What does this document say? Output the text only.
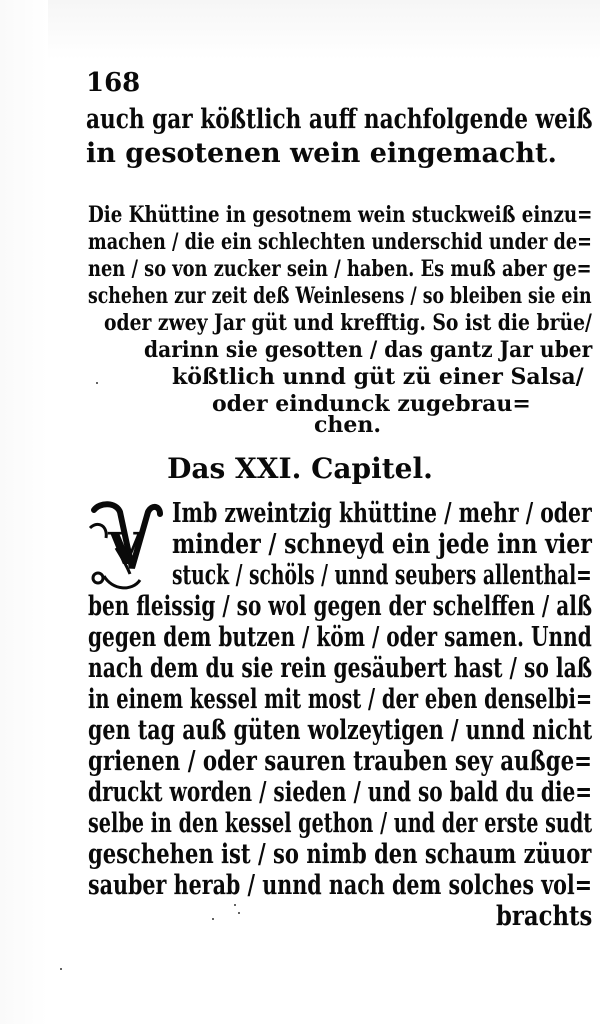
168
auch gar kößtlich auff nachfolgende weiß
in gesotenen wein eingemacht.
Die Khüttine in gesotnem wein stuckweiß einzu=
machen / die ein schlechten underschid under de=
nen / so von zucker sein / haben. Es muß aber ge=
schehen zur zeit deß Weinlesens / so bleiben sie ein
oder zwey Jar güt und krefftig. So ist die brüe/
darinn sie gesotten / das gantz Jar uber
kößtlich unnd güt zü einer Salsa/
oder eindunck zugebrau=
chen.
Das XXI. Capitel.
V
Imb zweintzig khüttine / mehr / oder
minder / schneyd ein jede inn vier
stuck / schöls / unnd seubers allenthal=
ben fleissig / so wol gegen der schelffen / alß
gegen dem butzen / köm / oder samen. Unnd
nach dem du sie rein gesäubert hast / so laß
in einem kessel mit most / der eben denselbi=
gen tag auß güten wolzeytigen / unnd nicht
grienen / oder sauren trauben sey außge=
druckt worden / sieden / und so bald du die=
selbe in den kessel gethon / und der erste sudt
geschehen ist / so nimb den schaum züuor
sauber herab / unnd nach dem solches vol=
brachts
